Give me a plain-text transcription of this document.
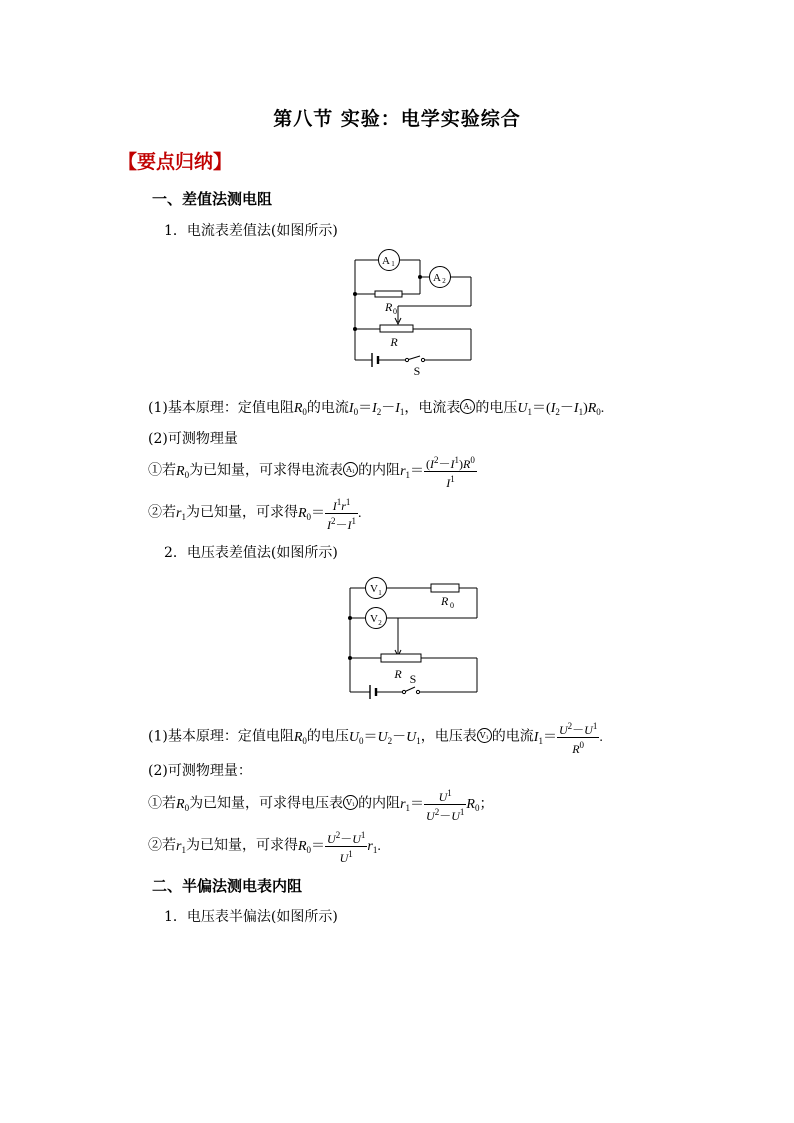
第八节 实验：电学实验综合
【要点归纳】
一、差值法测电阻
1．电流表差值法(如图所示)
A 1
A 2
R 0
R
S
(1)基本原理：定值电阻$R_0$的电流$I_0=I_2-I_1$，电流表 $A_1$ 的电压$U_1=(I_2-I_1)R_0$.
(2)可测物理量
①若$R_0$为已知量，可求得电流表 $A_1$ 的内阻$r_1= \frac{(I^2-I^1)R^0}{I^1}$
②若$r_1$为已知量，可求得$R_0= \frac{I^1r^1}{I^2-I^1}$ .
2．电压表差值法(如图所示)
V 1
V 2
R 0
R S
(1)基本原理：定值电阻$R_0$的电压$U_0=U_2-U_1$，电压表 $V_1$ 的电流$I_1= \frac{U^2-U^1}{R^0}$ .
(2)可测物理量：
①若$R_0$为已知量，可求得电压表 $V_1$ 的内阻$r_1= \frac{U^1}{U^2-U^1} R_0$；
②若$r_1$为已知量，可求得$R_0= \frac{U^2-U^1}{U^1} r_1$.
二、半偏法测电表内阻
1．电压表半偏法(如图所示)
